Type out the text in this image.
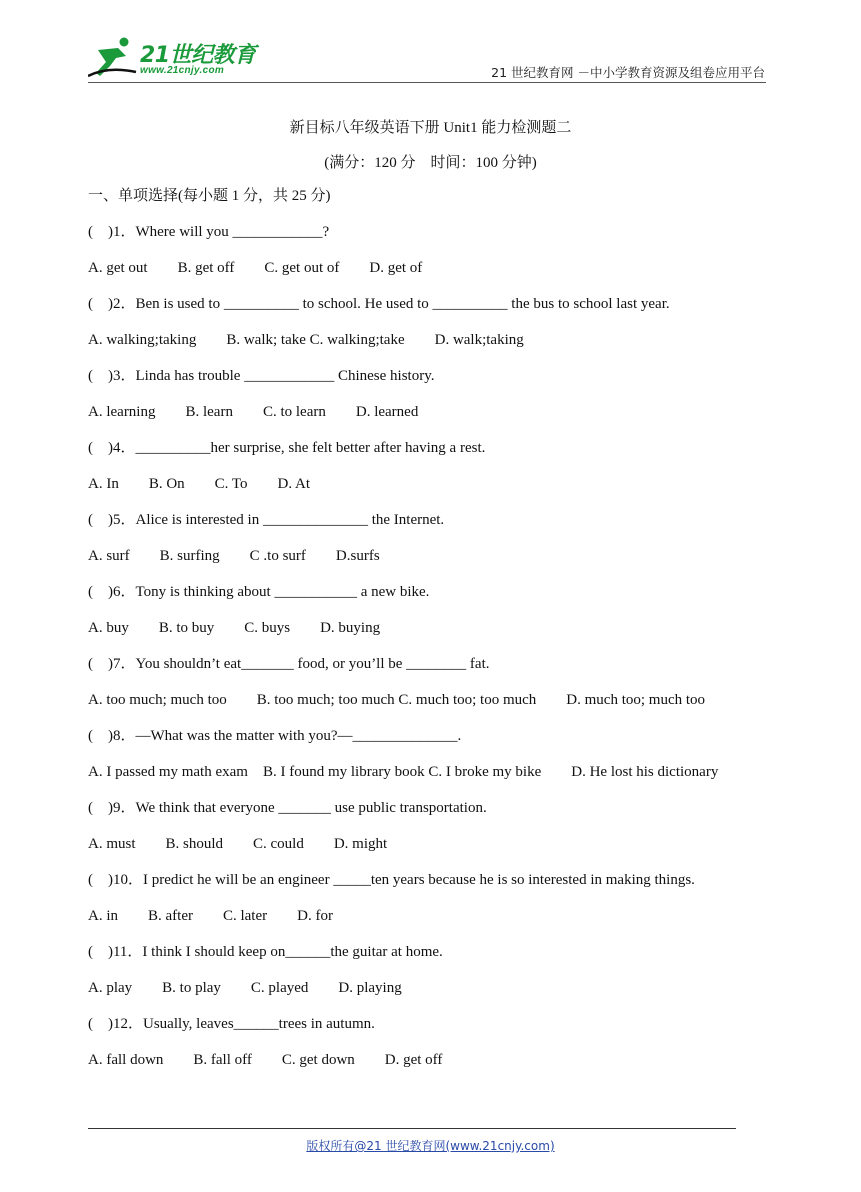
21世纪教育
www.21cnjy.com	21 世纪教育网 －中小学教育资源及组卷应用平台
新目标八年级英语下册 Unit1 能力检测题二
(满分：120 分　时间：100 分钟)
一、单项选择(每小题 1 分，共 25 分)
(    )1．Where will you ____________?
A. get out        B. get off        C. get out of        D. get of
(    )2．Ben is used to __________ to school. He used to __________ the bus to school last year.
A. walking;taking        B. walk; take C. walking;take        D. walk;taking
(    )3．Linda has trouble ____________ Chinese history.
A. learning        B. learn        C. to learn        D. learned
(    )4．__________her surprise, she felt better after having a rest.
A. In        B. On        C. To        D. At
(    )5．Alice is interested in ______________ the Internet.
A. surf        B. surfing        C .to surf        D.surfs
(    )6．Tony is thinking about ___________ a new bike.
A. buy        B. to buy        C. buys        D. buying
(    )7．You shouldn’t eat_______ food, or you’ll be ________ fat.
A. too much; much too        B. too much; too much C. much too; too much        D. much too; much too
(    )8．—What was the matter with you?—______________.
A. I passed my math exam    B. I found my library book C. I broke my bike        D. He lost his dictionary
(    )9．We think that everyone _______ use public transportation.
A. must        B. should        C. could        D. might
(    )10．I predict he will be an engineer _____ten years because he is so interested in making things.
A. in        B. after        C. later        D. for
(    )11．I think I should keep on______the guitar at home.
A. play        B. to play        C. played        D. playing
(    )12．Usually, leaves______trees in autumn.
A. fall down        B. fall off        C. get down        D. get off
版权所有@21 世纪教育网(www.21cnjy.com)
